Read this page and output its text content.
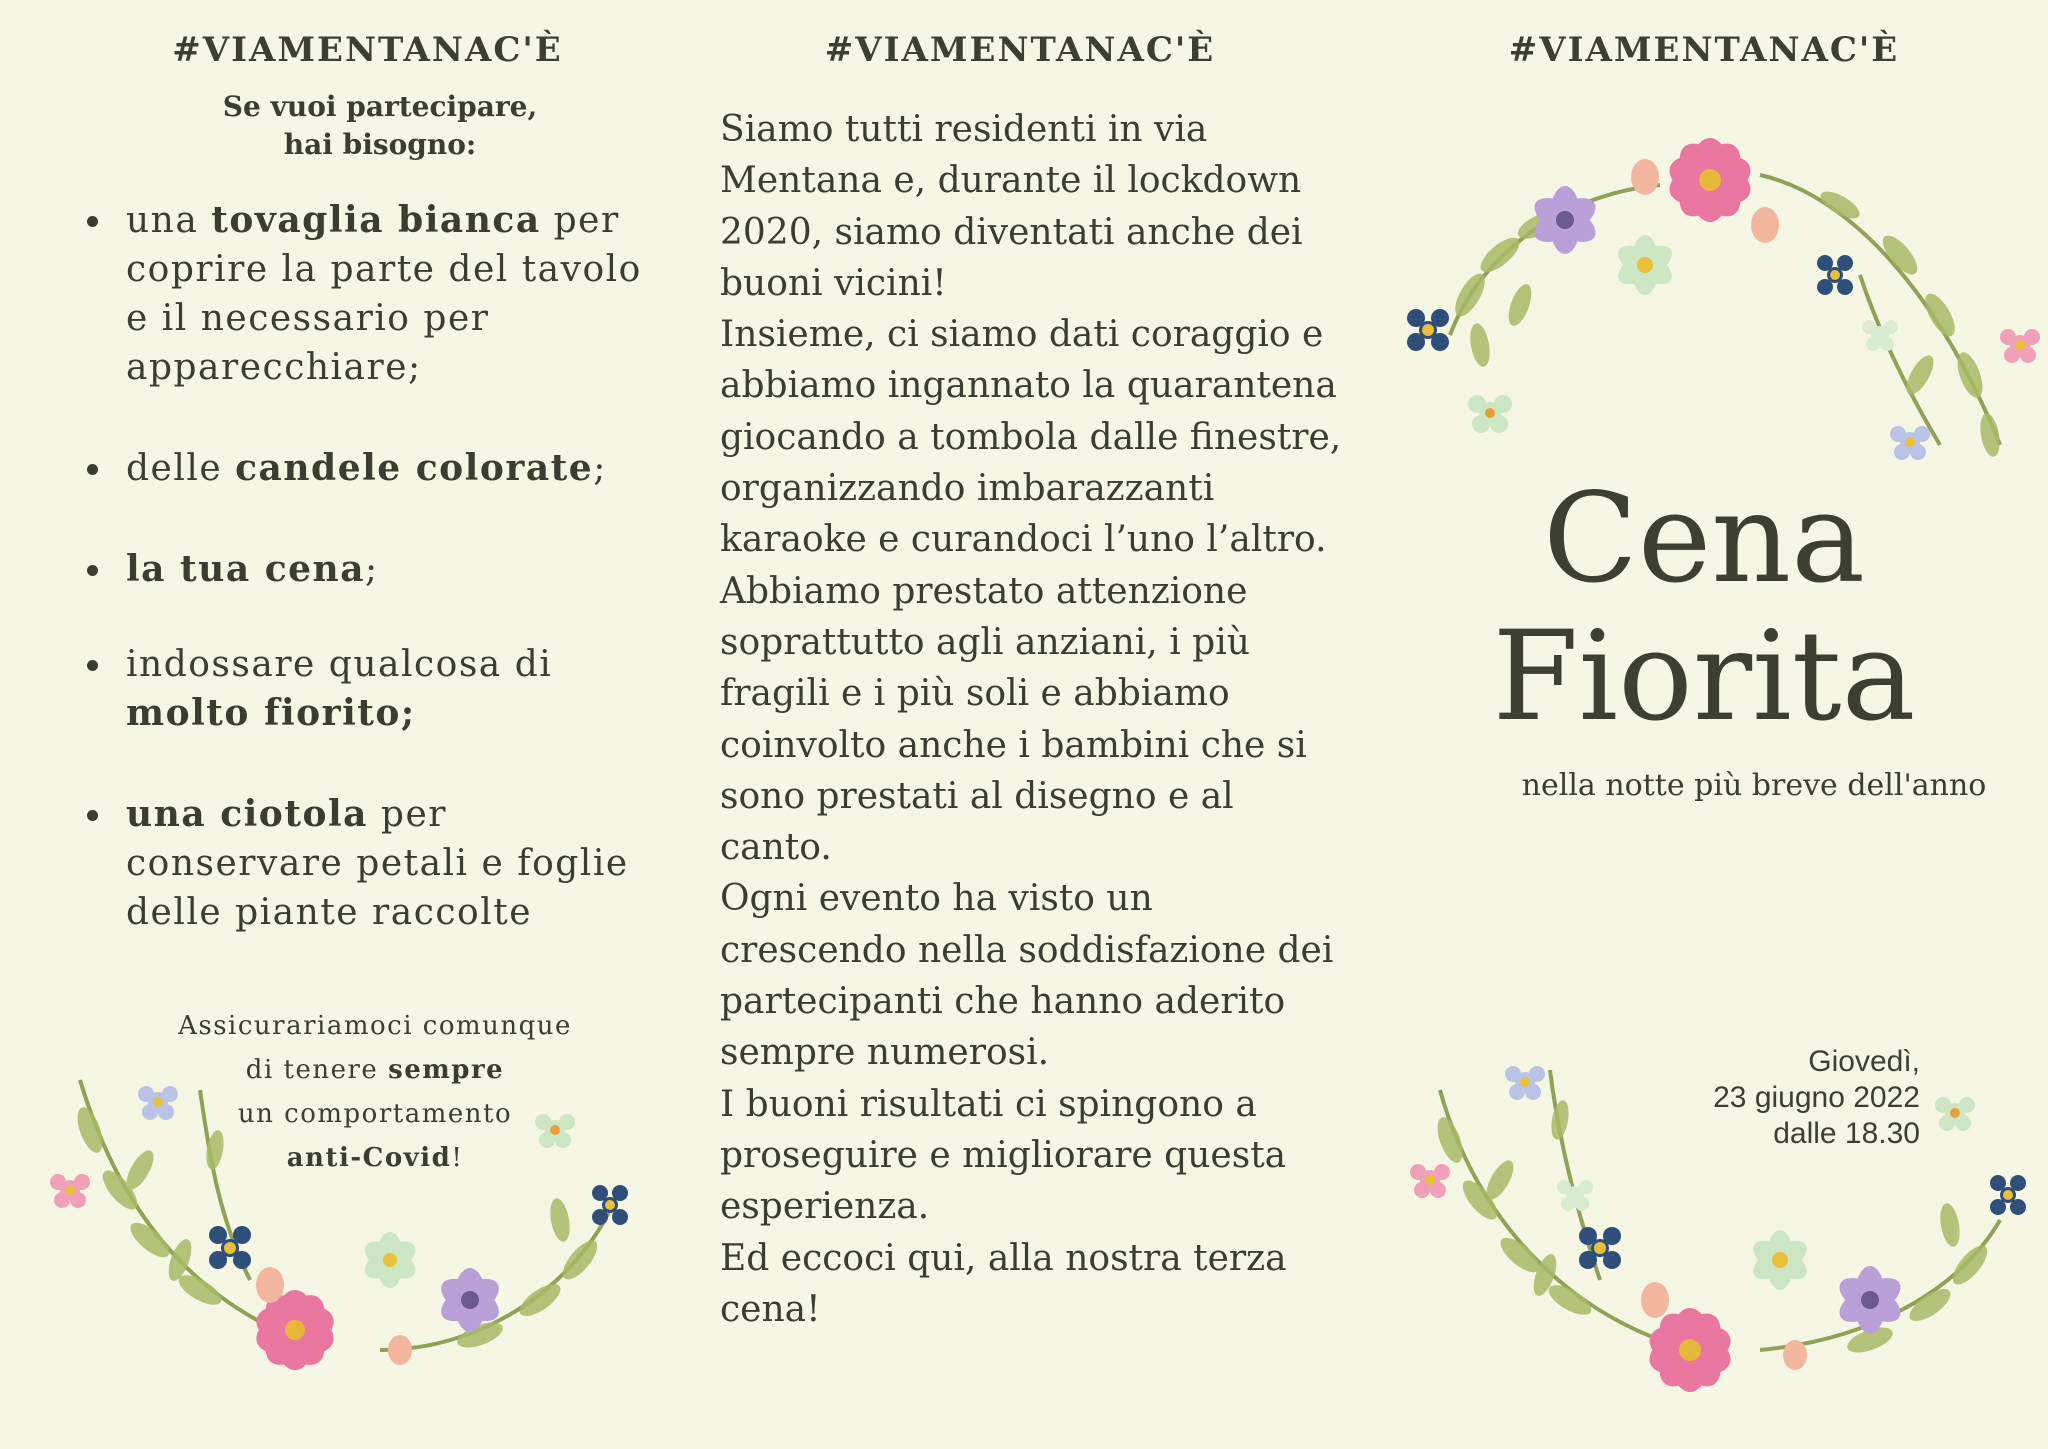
#VIAMENTANAC'È
Se vuoi partecipare,
hai bisogno:
una tovaglia bianca per coprire la parte del tavolo e il necessario per apparecchiare;
delle candele colorate;
la tua cena;
indossare qualcosa di
molto fiorito;
una ciotola per conservare petali e foglie delle piante raccolte
Assicurariamoci comunque
di tenere sempre
un comportamento
anti-Covid!
#VIAMENTANAC'È
Siamo tutti residenti in via
Mentana e, durante il lockdown
2020, siamo diventati anche dei
buoni vicini!
Insieme, ci siamo dati coraggio e
abbiamo ingannato la quarantena
giocando a tombola dalle finestre,
organizzando imbarazzanti
karaoke e curandoci l’uno l’altro.
Abbiamo prestato attenzione
soprattutto agli anziani, i più
fragili e i più soli e abbiamo
coinvolto anche i bambini che si
sono prestati al disegno e al
canto.
Ogni evento ha visto un
crescendo nella soddisfazione dei
partecipanti che hanno aderito
sempre numerosi.
I buoni risultati ci spingono a
proseguire e migliorare questa
esperienza.
Ed eccoci qui, alla nostra terza
cena!
#VIAMENTANAC'È
Cena
Fiorita
nella notte più breve dell'anno
Giovedì,
23 giugno 2022
dalle 18.30
